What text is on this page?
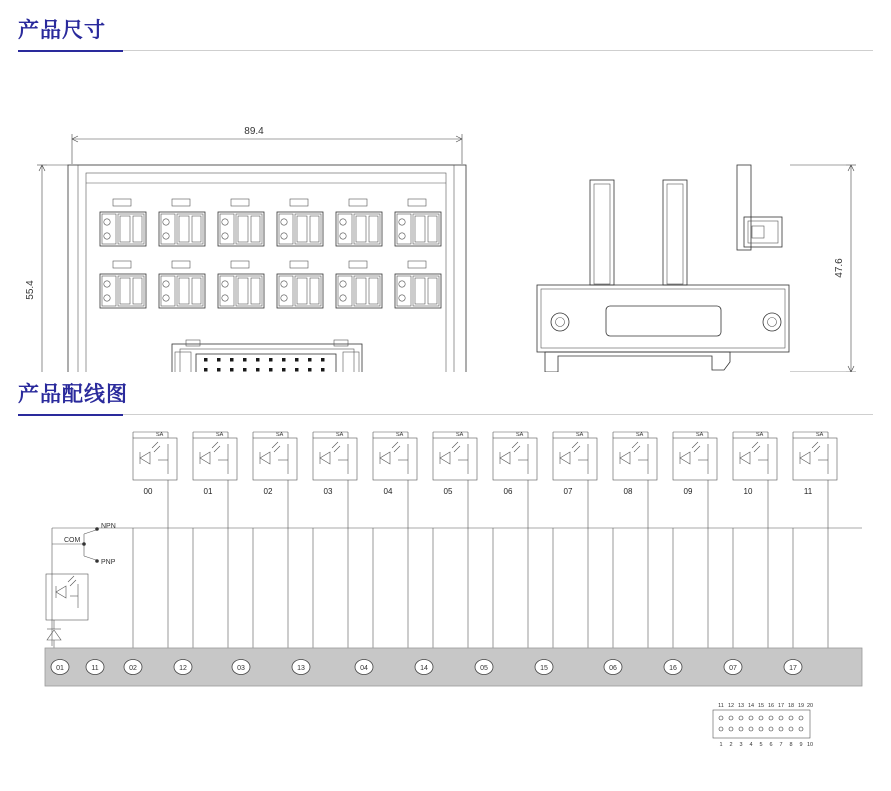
产品尺寸
89.4
55.4
47.6
产品配线图
NPN
PNP
COM
SA
00
SA
01
SA
02
SA
03
SA
04
SA
05
SA
06
SA
07
SA
08
SA
09
SA
10
SA
11
01	11	02	12	03	13	04	14	05	15	06	16	07	17
11 12 13 14 15 16 17 18 19 20
1 2 3 4 5 6 7 8 9 10
